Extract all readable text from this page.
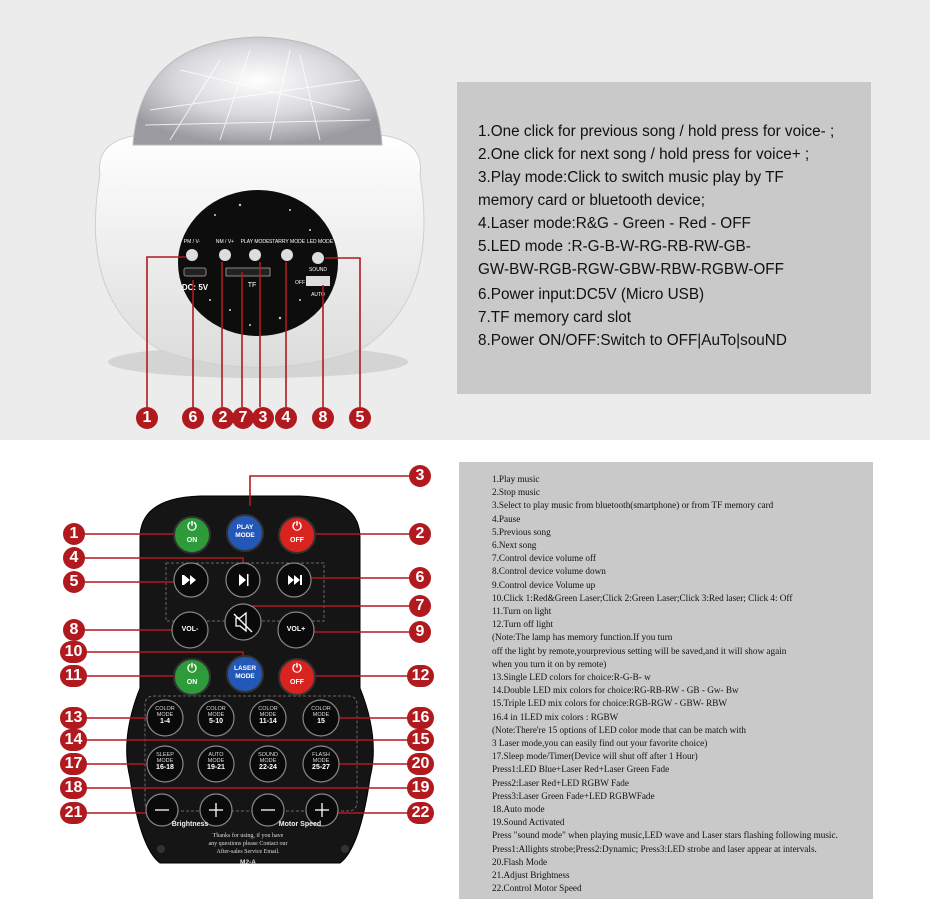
PM / V-	NM / V+ PLAY MODE STARRY MODE LED MODE
DC: 5V	TF
SOUND
AUTO
OFF
1	6	2 7 3 4	8	5
1.One click for previous song / hold press for voice- ;
2.One click for next song / hold press for voice+ ;
3.Play mode:Click to switch music play by TF
memory card or bluetooth device;
4.Laser mode:R&G - Green - Red - OFF
5.LED mode :R-G-B-W-RG-RB-RW-GB-
GW-BW-RGB-RGW-GBW-RBW-RGBW-OFF
6.Power input:DC5V (Micro USB)
7.TF memory card slot
8.Power ON/OFF:Switch to OFF|AuTo|souND
⏻
ON
PLAY
MODE
⏻
OFF
⏻
ON
LASER
MODE
⏻
OFF
VOL-	VOL+
COLOR
MODE
1-4
COLOR
MODE
5-10
COLOR
MODE
11-14
COLOR
MODE
15
SLEEP
MODE
16-18
AUTO
MODE
19-21
SOUND
MODE
22-24
FLASH
MODE
25-27
Brightness	Motor Speed
Thanks for using, if you have
any questions please Contact our
After-sales Service Email.
M2-A
3
1	2
4
5	6
7
8	9
10
11	12
13	16
14	15
17	20
18	19
21	22
1.Play music
2.Stop music
3.Select to play music from bluetooth(smartphone) or from TF memory card
4.Pause
5.Previous song
6.Next song
7.Control device volume off
8.Control device volume down
9.Control device Volume up
10.Click 1:Red&Green Laser;Click 2:Green Laser;Click 3:Red laser; Click 4: Off
11.Turn on light
12.Turn off light
(Note:The lamp has memory function.If you turn
off the light by remote,yourprevious setting will be saved,and it will show again
when you turn it on by remote)
13.Single LED colors for choice:R-G-B- w
14.Double LED mix colors for choice:RG-RB-RW - GB - Gw- Bw
15.Triple LED mix colors for choice:RGB-RGW - GBW- RBW
16.4 in 1LED mix colors : RGBW
(Note:There're 15 options of LED color mode that can be match with
3 Laser mode,you can easily find out your favorite choice)
17.Sleep mode/Timer(Device will shut off after 1 Hour)
Press1:LED Blue+Laser Red+Laser Green Fade
Press2:Laser Red+LED RGBW Fade
Press3:Laser Green Fade+LED RGBWFade
18.Auto mode
19.Sound Activated
Press "sound mode" when playing music,LED wave and Laser stars flashing following music.
Press1:Allights strobe;Press2:Dynamic; Press3:LED strobe and laser appear at intervals.
20.Flash Mode
21.Adjust Brightness
22.Control Motor Speed
